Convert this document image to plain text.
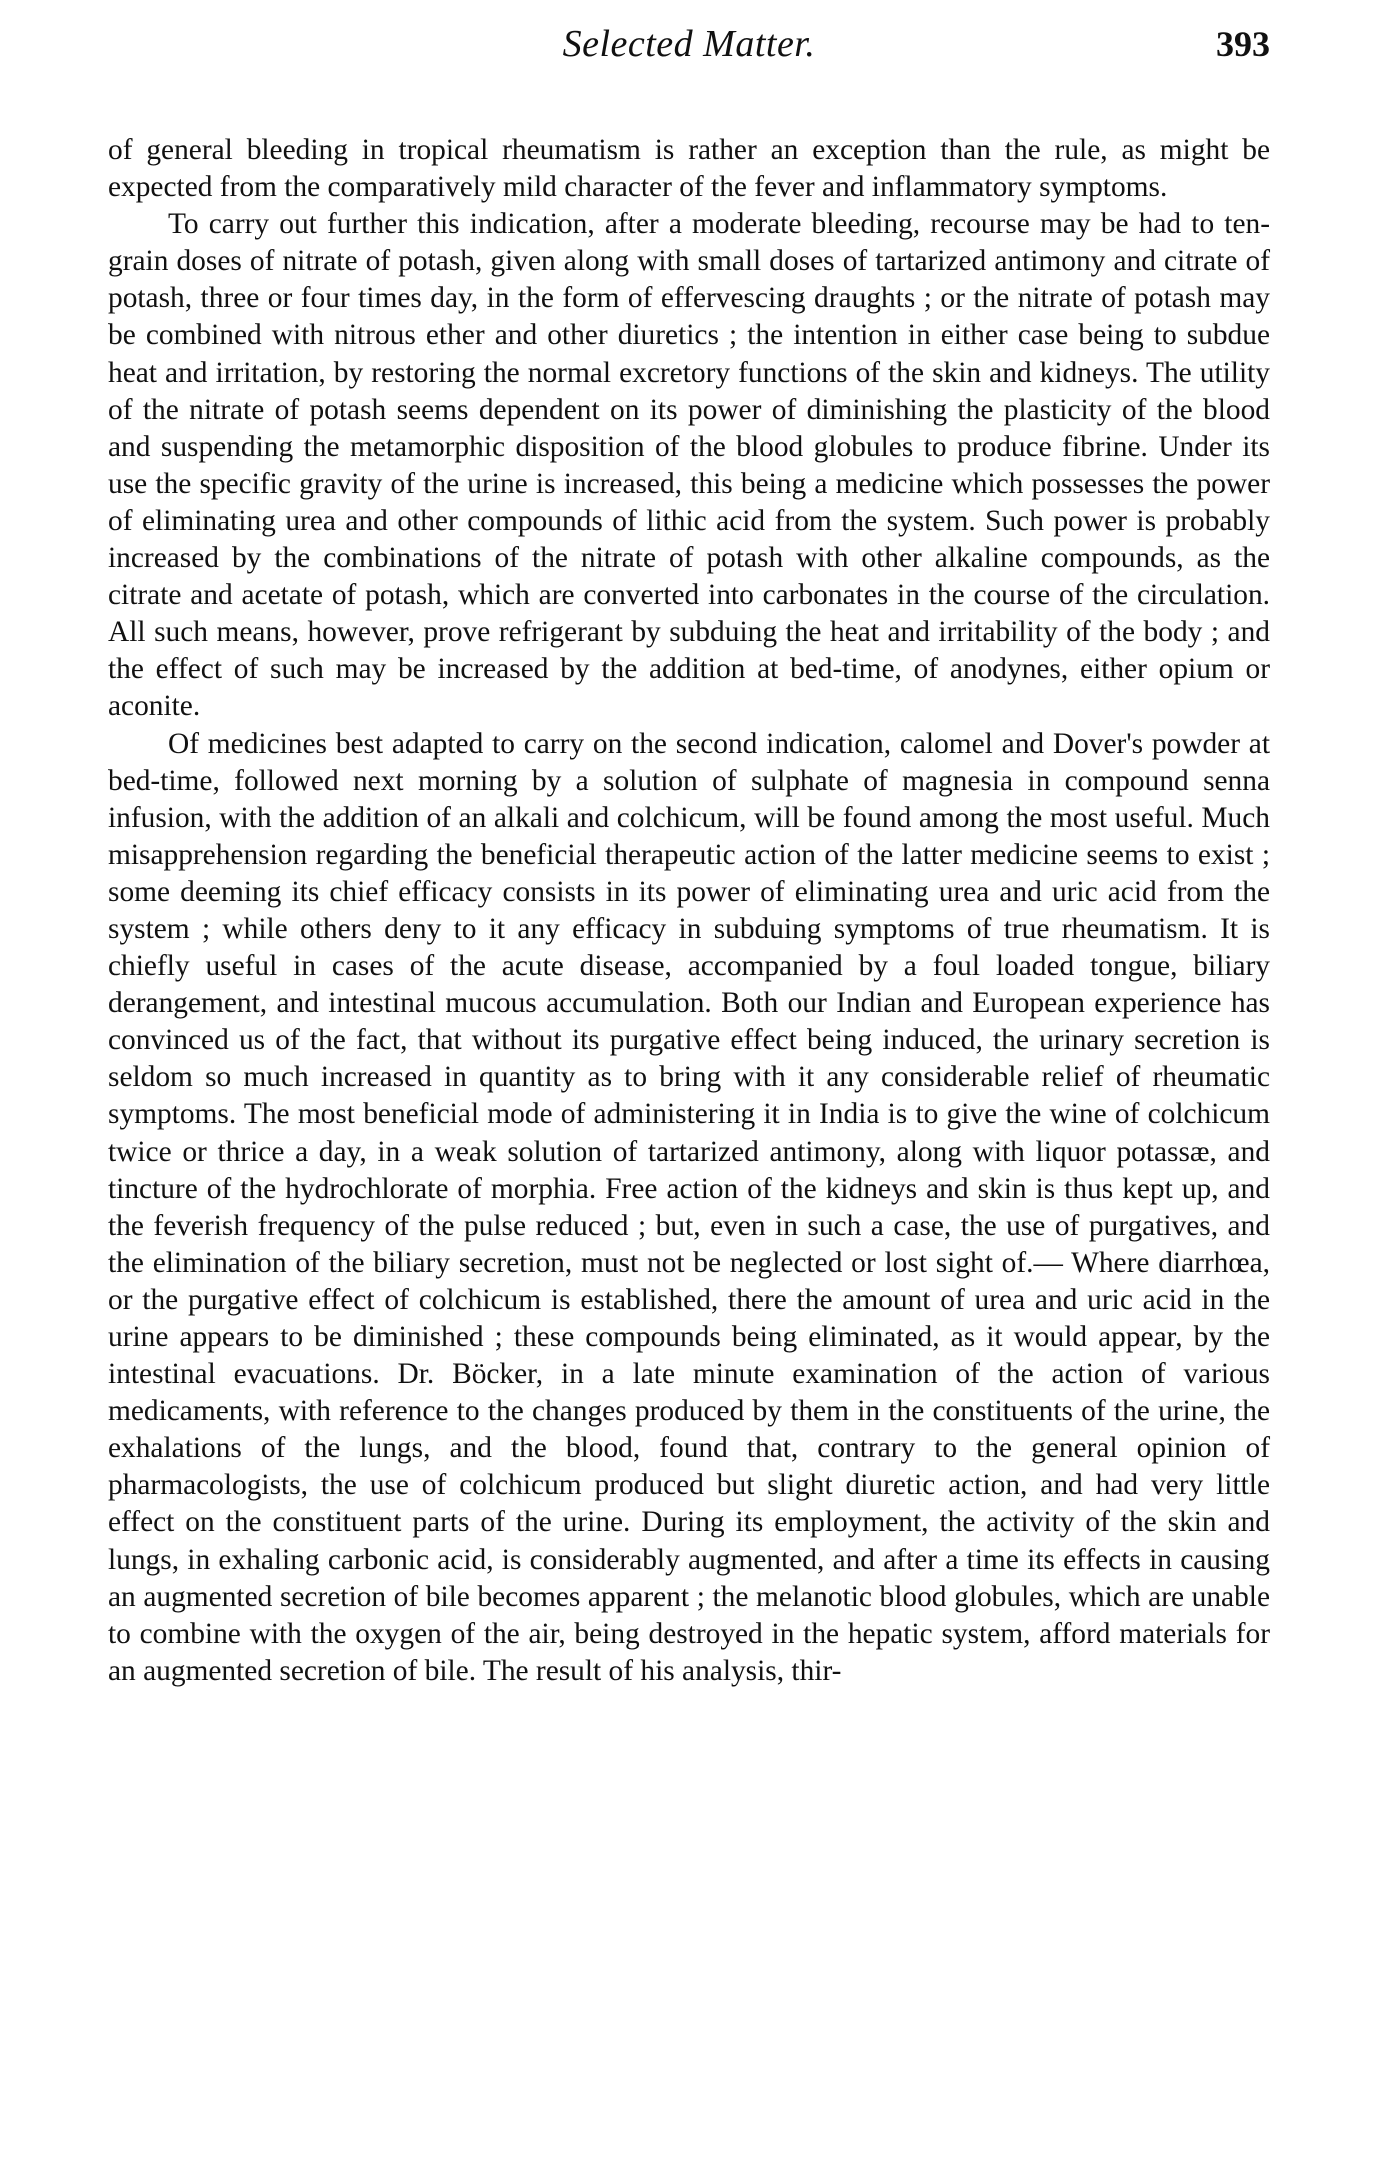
Selected Matter.	393

of general bleeding in tropical rheumatism is rather an exception than the rule, as might be expected from the comparatively mild character of the fever and inflammatory symptoms.

To carry out further this indication, after a moderate bleeding, recourse may be had to ten-grain doses of nitrate of potash, given along with small doses of tartarized antimony and citrate of potash, three or four times day, in the form of effervescing draughts ; or the nitrate of potash may be combined with nitrous ether and other diuretics ; the intention in either case being to subdue heat and irritation, by restoring the normal excretory functions of the skin and kidneys. The utility of the nitrate of potash seems dependent on its power of diminishing the plasticity of the blood and suspending the metamorphic disposition of the blood globules to produce fibrine. Under its use the specific gravity of the urine is increased, this being a medicine which possesses the power of eliminating urea and other compounds of lithic acid from the system. Such power is probably increased by the combinations of the nitrate of potash with other alkaline compounds, as the citrate and acetate of potash, which are converted into carbonates in the course of the circulation. All such means, however, prove refrigerant by subduing the heat and irritability of the body ; and the effect of such may be increased by the addition at bed-time, of anodynes, either opium or aconite.

Of medicines best adapted to carry on the second indication, calomel and Dover's powder at bed-time, followed next morning by a solution of sulphate of magnesia in compound senna infusion, with the addition of an alkali and colchicum, will be found among the most useful. Much misapprehension regarding the beneficial therapeutic action of the latter medicine seems to exist ; some deeming its chief efficacy consists in its power of eliminating urea and uric acid from the system ; while others deny to it any efficacy in subduing symptoms of true rheumatism. It is chiefly useful in cases of the acute disease, accompanied by a foul loaded tongue, biliary derangement, and intestinal mucous accumulation. Both our Indian and European experience has convinced us of the fact, that without its purgative effect being induced, the urinary secretion is seldom so much increased in quantity as to bring with it any considerable relief of rheumatic symptoms. The most beneficial mode of administering it in India is to give the wine of colchicum twice or thrice a day, in a weak solution of tartarized antimony, along with liquor potassæ, and tincture of the hydrochlorate of morphia. Free action of the kidneys and skin is thus kept up, and the feverish frequency of the pulse reduced ; but, even in such a case, the use of purgatives, and the elimination of the biliary secretion, must not be neglected or lost sight of.— Where diarrhœa, or the purgative effect of colchicum is established, there the amount of urea and uric acid in the urine appears to be diminished ; these compounds being eliminated, as it would appear, by the intestinal evacuations. Dr. Böcker, in a late minute examination of the action of various medicaments, with reference to the changes produced by them in the constituents of the urine, the exhalations of the lungs, and the blood, found that, contrary to the general opinion of pharmacologists, the use of colchicum produced but slight diuretic action, and had very little effect on the constituent parts of the urine. During its employment, the activity of the skin and lungs, in exhaling carbonic acid, is considerably augmented, and after a time its effects in causing an augmented secretion of bile becomes apparent ; the melanotic blood globules, which are unable to combine with the oxygen of the air, being destroyed in the hepatic system, afford materials for an augmented secretion of bile. The result of his analysis, thir-
